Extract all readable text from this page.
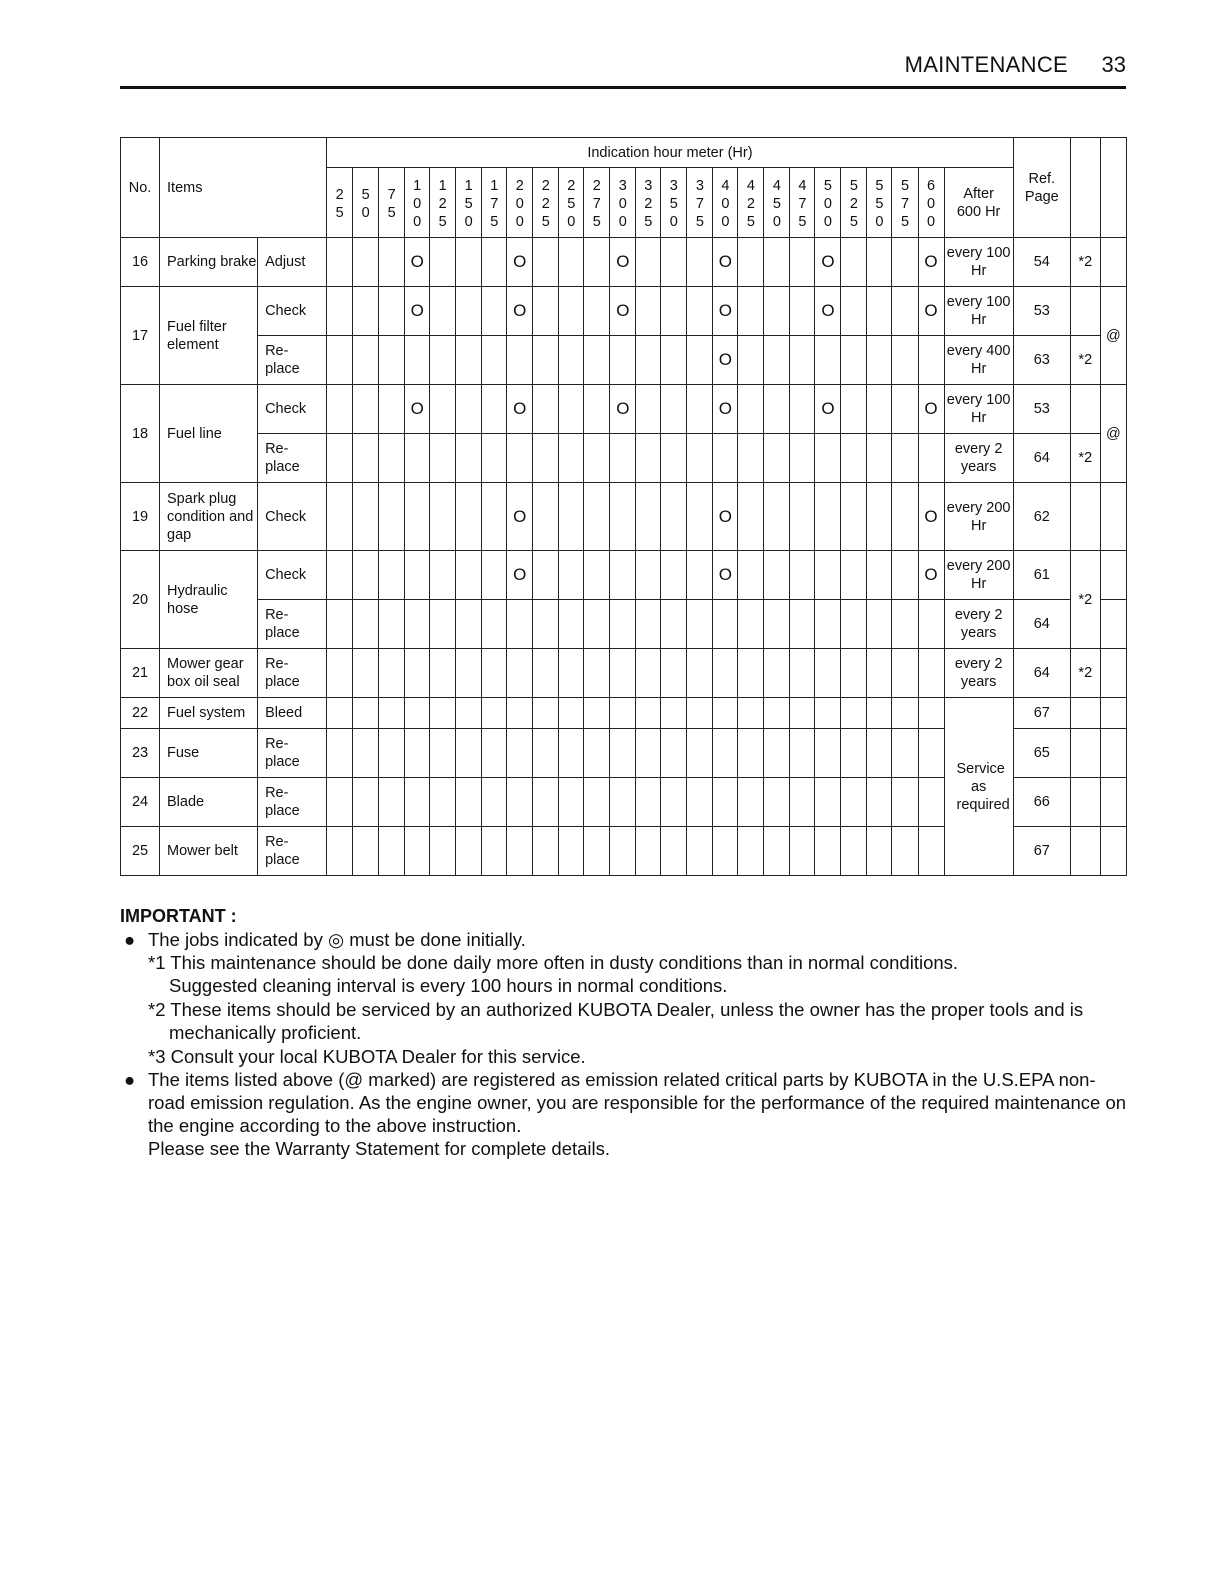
MAINTENANCE 33
No.	Items		Indication hour meter (Hr)																									Ref. Page		

			25	50	75	100	125	150	175	200	225	250	275	300	325	350	375	400	425	450	475	500	525	550	575	600	After 600 Hr			
16	Parking brake	Adjust				O				O				O				O				O				O	every 100 Hr	54	*2	
17	Fuel filter element	Check				O				O				O				O				O				O	every 100 Hr	53		@
		Re- place																O									every 400 Hr	63	*2	
18	Fuel line	Check				O				O				O				O				O				O	every 100 Hr	53		@
		Re- place																									every 2 years	64	*2	
19	Spark plug condition and gap	Check								O								O								O	every 200 Hr	62		
20	Hydraulic hose	Check								O								O								O	every 200 Hr	61	*2	
		Re- place																									every 2 years	64		
21	Mower gear box oil seal	Re- place																									every 2 years	64	*2	
22	Fuel system	Bleed																									Service as required	67		
23	Fuse	Re- place																										65		
24	Blade	Re- place																										66		
25	Mower belt	Re- place																										67		

IMPORTANT :

● The jobs indicated by ◎ must be done initially.

*1 This maintenance should be done daily more often in dusty conditions than in normal conditions.

Suggested cleaning interval is every 100 hours in normal conditions.

*2 These items should be serviced by an authorized KUBOTA Dealer, unless the owner has the proper tools and is

mechanically proficient.

*3 Consult your local KUBOTA Dealer for this service.

● The items listed above (@ marked) are registered as emission related critical parts by KUBOTA in the U.S.EPA non-road emission regulation. As the engine owner, you are responsible for the performance of the required maintenance on the engine according to the above instruction.

Please see the Warranty Statement for complete details.
